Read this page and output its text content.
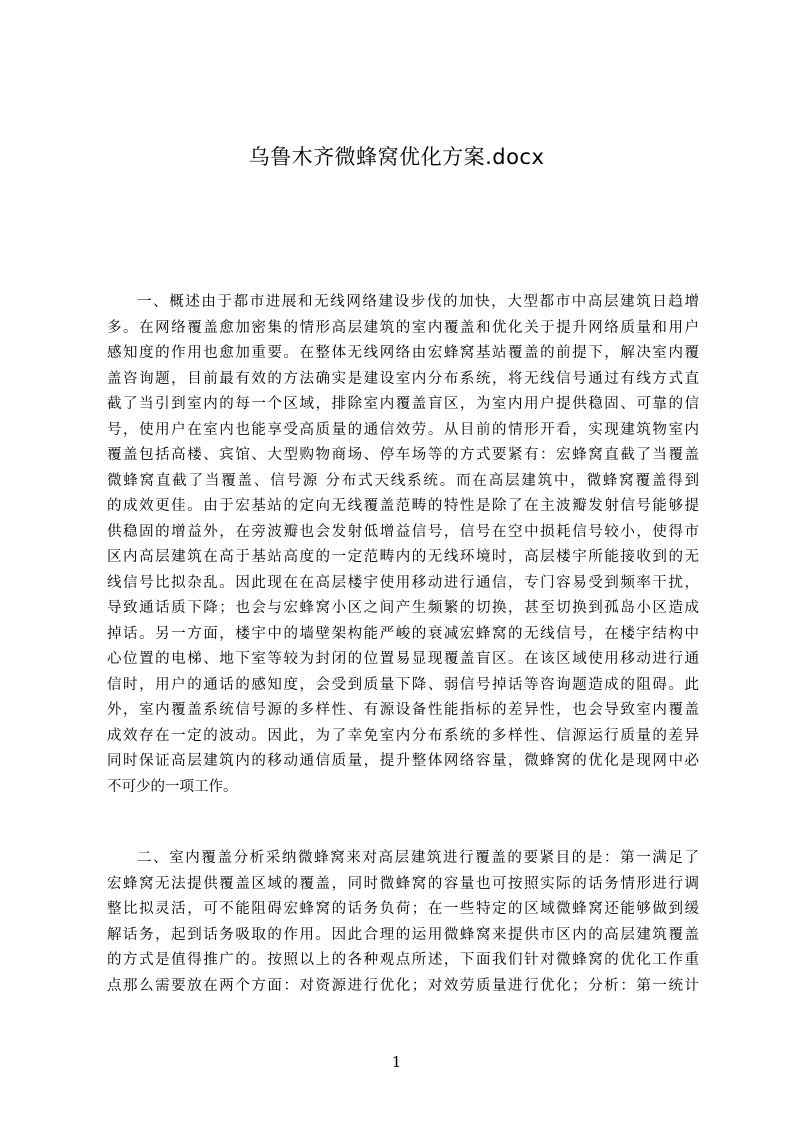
乌鲁木齐微蜂窝优化方案.docx
一、概述由于都市进展和无线网络建设步伐的加快，大型都市中高层建筑日趋增
多。在网络覆盖愈加密集的情形高层建筑的室内覆盖和优化关于提升网络质量和用户
感知度的作用也愈加重要。在整体无线网络由宏蜂窝基站覆盖的前提下，解决室内覆
盖咨询题，目前最有效的方法确实是建设室内分布系统，将无线信号通过有线方式直
截了当引到室内的每一个区域，排除室内覆盖盲区，为室内用户提供稳固、可靠的信
号，使用户在室内也能享受高质量的通信效劳。从目前的情形开看，实现建筑物室内
覆盖包括高楼、宾馆、大型购物商场、停车场等的方式要紧有：宏蜂窝直截了当覆盖
微蜂窝直截了当覆盖、信号源 分布式天线系统。而在高层建筑中，微蜂窝覆盖得到
的成效更佳。由于宏基站的定向无线覆盖范畴的特性是除了在主波瓣发射信号能够提
供稳固的增益外，在旁波瓣也会发射低增益信号，信号在空中损耗信号较小，使得市
区内高层建筑在高于基站高度的一定范畴内的无线环境时，高层楼宇所能接收到的无
线信号比拟杂乱。因此现在在高层楼宇使用移动进行通信，专门容易受到频率干扰，
导致通话质下降；也会与宏蜂窝小区之间产生频繁的切换，甚至切换到孤岛小区造成
掉话。另一方面，楼宇中的墙壁架构能严峻的衰减宏蜂窝的无线信号，在楼宇结构中
心位置的电梯、地下室等较为封闭的位置易显现覆盖盲区。在该区域使用移动进行通
信时，用户的通话的感知度，会受到质量下降、弱信号掉话等咨询题造成的阻碍。此
外，室内覆盖系统信号源的多样性、有源设备性能指标的差异性，也会导致室内覆盖
成效存在一定的波动。因此，为了幸免室内分布系统的多样性、信源运行质量的差异
同时保证高层建筑内的移动通信质量，提升整体网络容量，微蜂窝的优化是现网中必
不可少的一项工作。
二、室内覆盖分析采纳微蜂窝来对高层建筑进行覆盖的要紧目的是：第一满足了
宏蜂窝无法提供覆盖区域的覆盖，同时微蜂窝的容量也可按照实际的话务情形进行调
整比拟灵活，可不能阻碍宏蜂窝的话务负荷；在一些特定的区域微蜂窝还能够做到缓
解话务，起到话务吸取的作用。因此合理的运用微蜂窝来提供市区内的高层建筑覆盖
的方式是值得推广的。按照以上的各种观点所述，下面我们针对微蜂窝的优化工作重
点那么需要放在两个方面：对资源进行优化；对效劳质量进行优化；分析：第一统计
1
